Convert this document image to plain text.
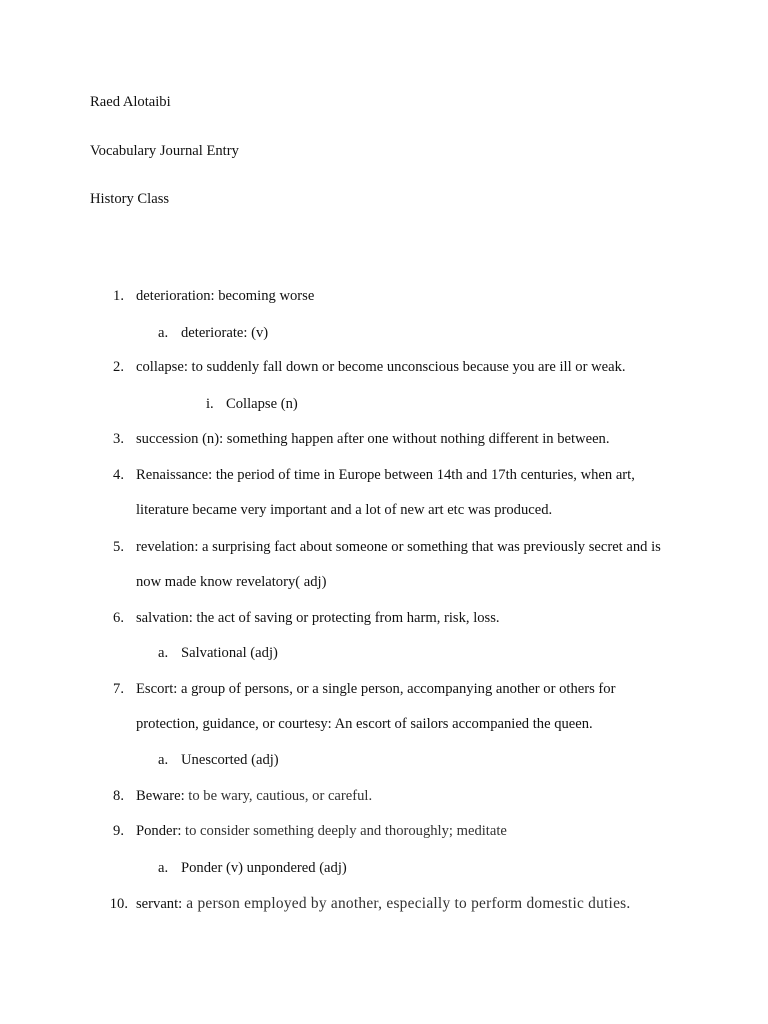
Raed Alotaibi
Vocabulary Journal Entry
History Class
1. deterioration: becoming worse
a. deteriorate: (v)
2. collapse: to suddenly fall down or become unconscious because you are ill or weak.
i. Collapse (n)
3. succession (n): something happen after one without nothing different in between.
4. Renaissance: the period of time in Europe between 14th and 17th centuries, when art,
literature became very important and a lot of new art etc was produced.
5. revelation: a surprising fact about someone or something that was previously secret and is
now made know revelatory( adj)
6. salvation: the act of saving or protecting from harm, risk, loss.
a. Salvational (adj)
7. Escort: a group of persons, or a single person, accompanying another or others for
protection, guidance, or courtesy: An escort of sailors accompanied the queen.
a. Unescorted (adj)
8. Beware: to be wary, cautious, or careful.
9. Ponder: to consider something deeply and thoroughly; meditate
a. Ponder (v) unpondered (adj)
10. servant: a person employed by another, especially to perform domestic duties.
